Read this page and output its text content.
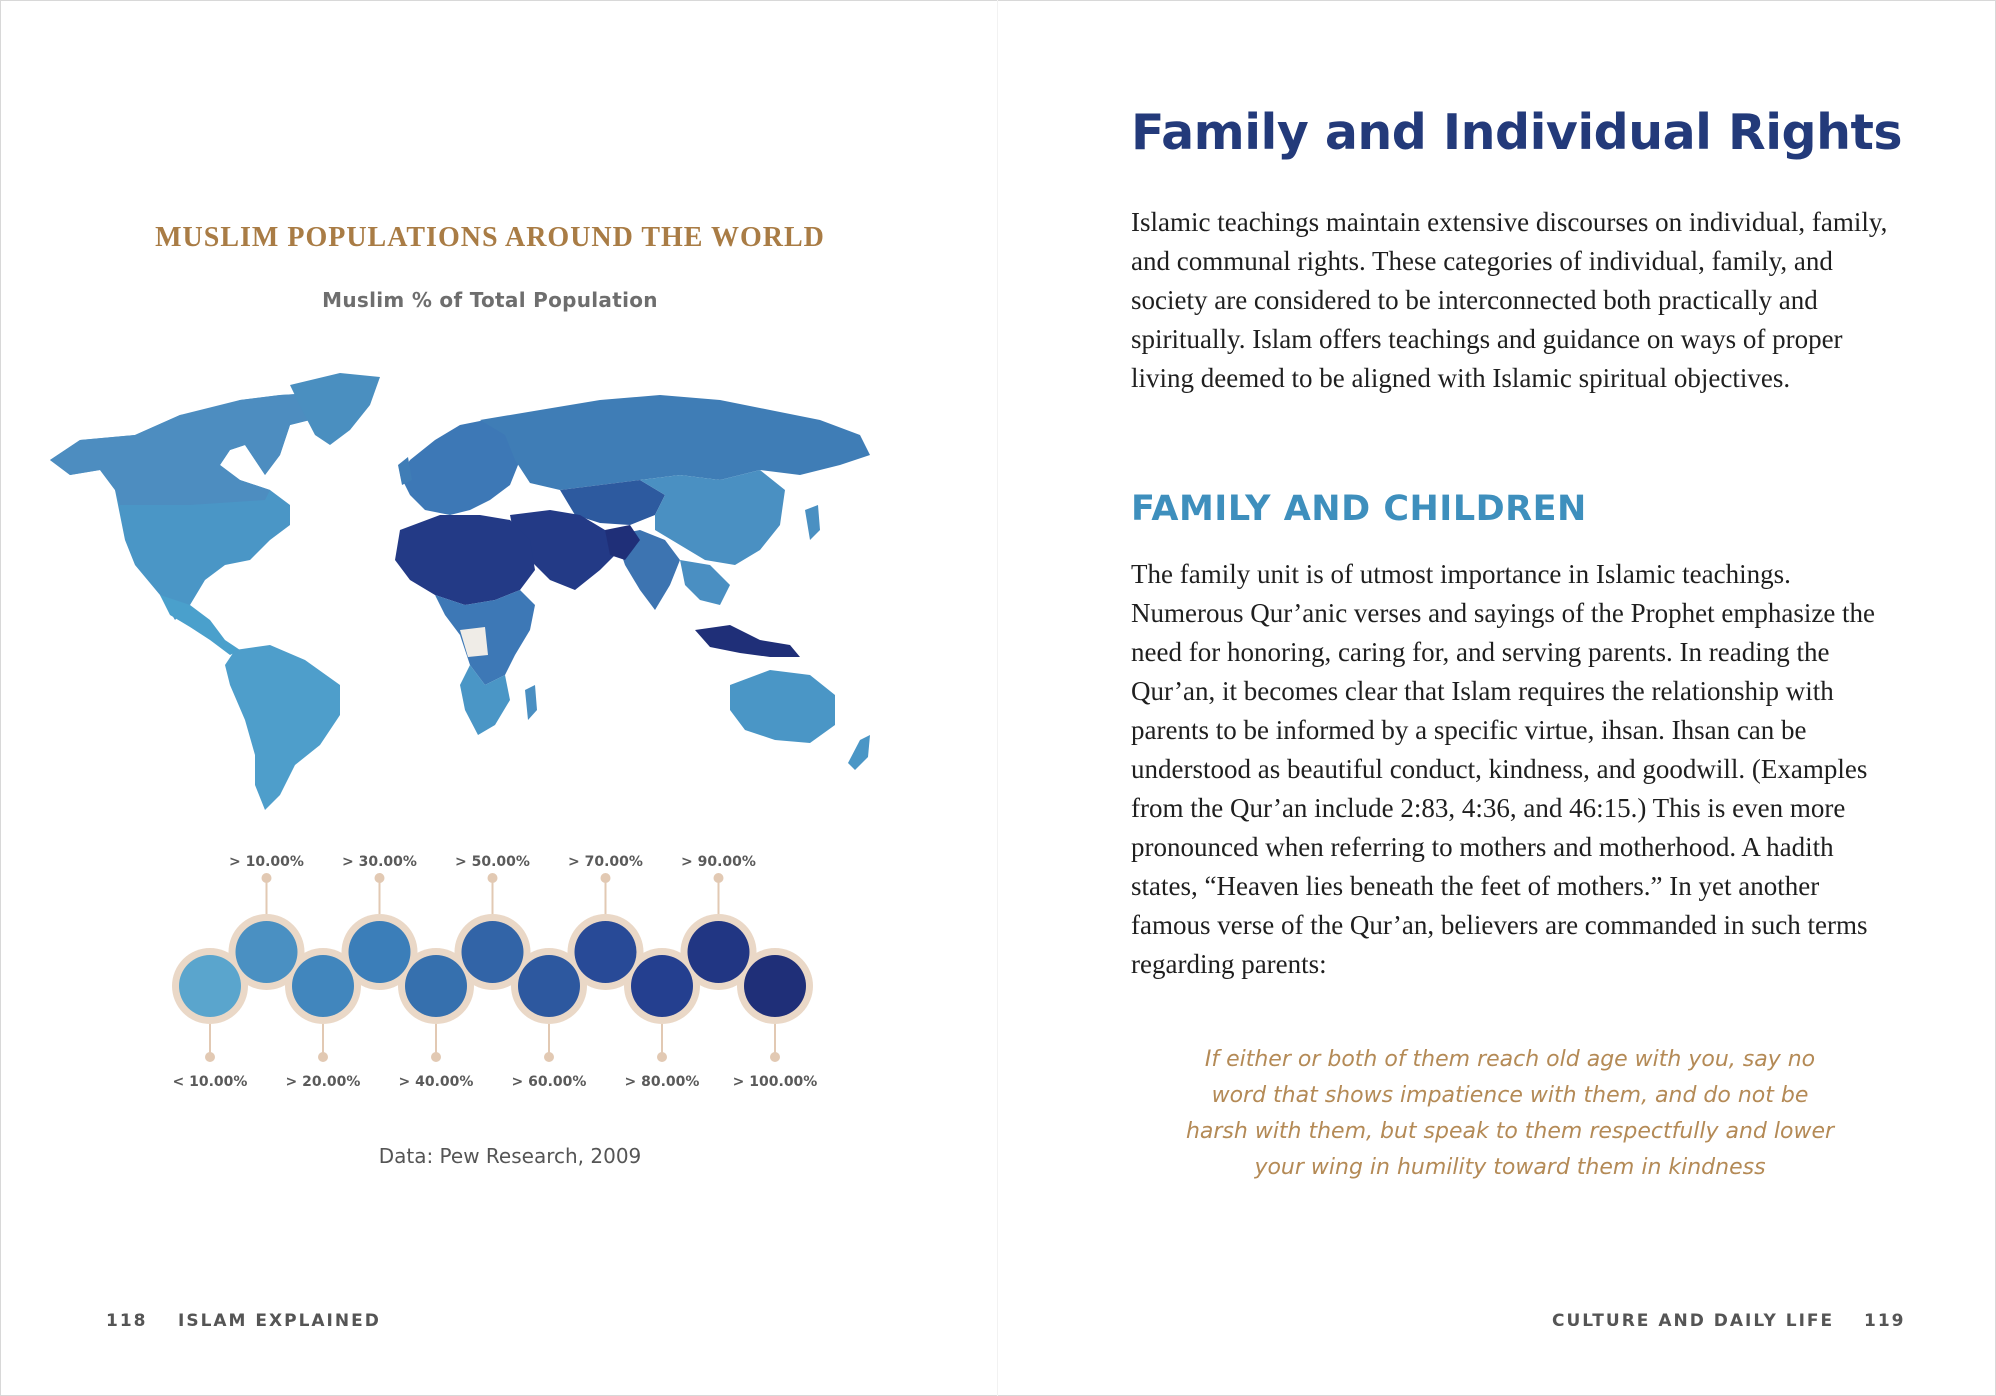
MUSLIM POPULATIONS AROUND THE WORLD
Muslim % of Total Population
< 10.00%
> 10.00%
> 20.00%
> 30.00%
> 40.00%
> 50.00%
> 60.00%
> 70.00%
> 80.00%
> 90.00%
> 100.00%
Data: Pew Research, 2009
118 ISLAM EXPLAINED
Family and Individual Rights

Islamic teachings maintain extensive discourses on individual, family, and communal rights. These categories of individual, family, and society are considered to be interconnected both practically and spiritually. Islam offers teachings and guidance on ways of proper living deemed to be aligned with Islamic spiritual objectives.

FAMILY AND CHILDREN

The family unit is of utmost importance in Islamic teachings. Numerous Qur’anic verses and sayings of the Prophet emphasize the need for honoring, caring for, and serving parents. In reading the Qur’an, it becomes clear that Islam requires the relationship with parents to be informed by a specific virtue, ihsan. Ihsan can be understood as beautiful conduct, kindness, and goodwill. (Examples from the Qur’an include 2:83, 4:36, and 46:15.) This is even more pronounced when referring to mothers and motherhood. A hadith states, “Heaven lies beneath the feet of mothers.” In yet another famous verse of the Qur’an, believers are commanded in such terms regarding parents:

If either or both of them reach old age with you, say no word that shows impatience with them, and do not be harsh with them, but speak to them respectfully and lower your wing in humility toward them in kindness

CULTURE AND DAILY LIFE 119
